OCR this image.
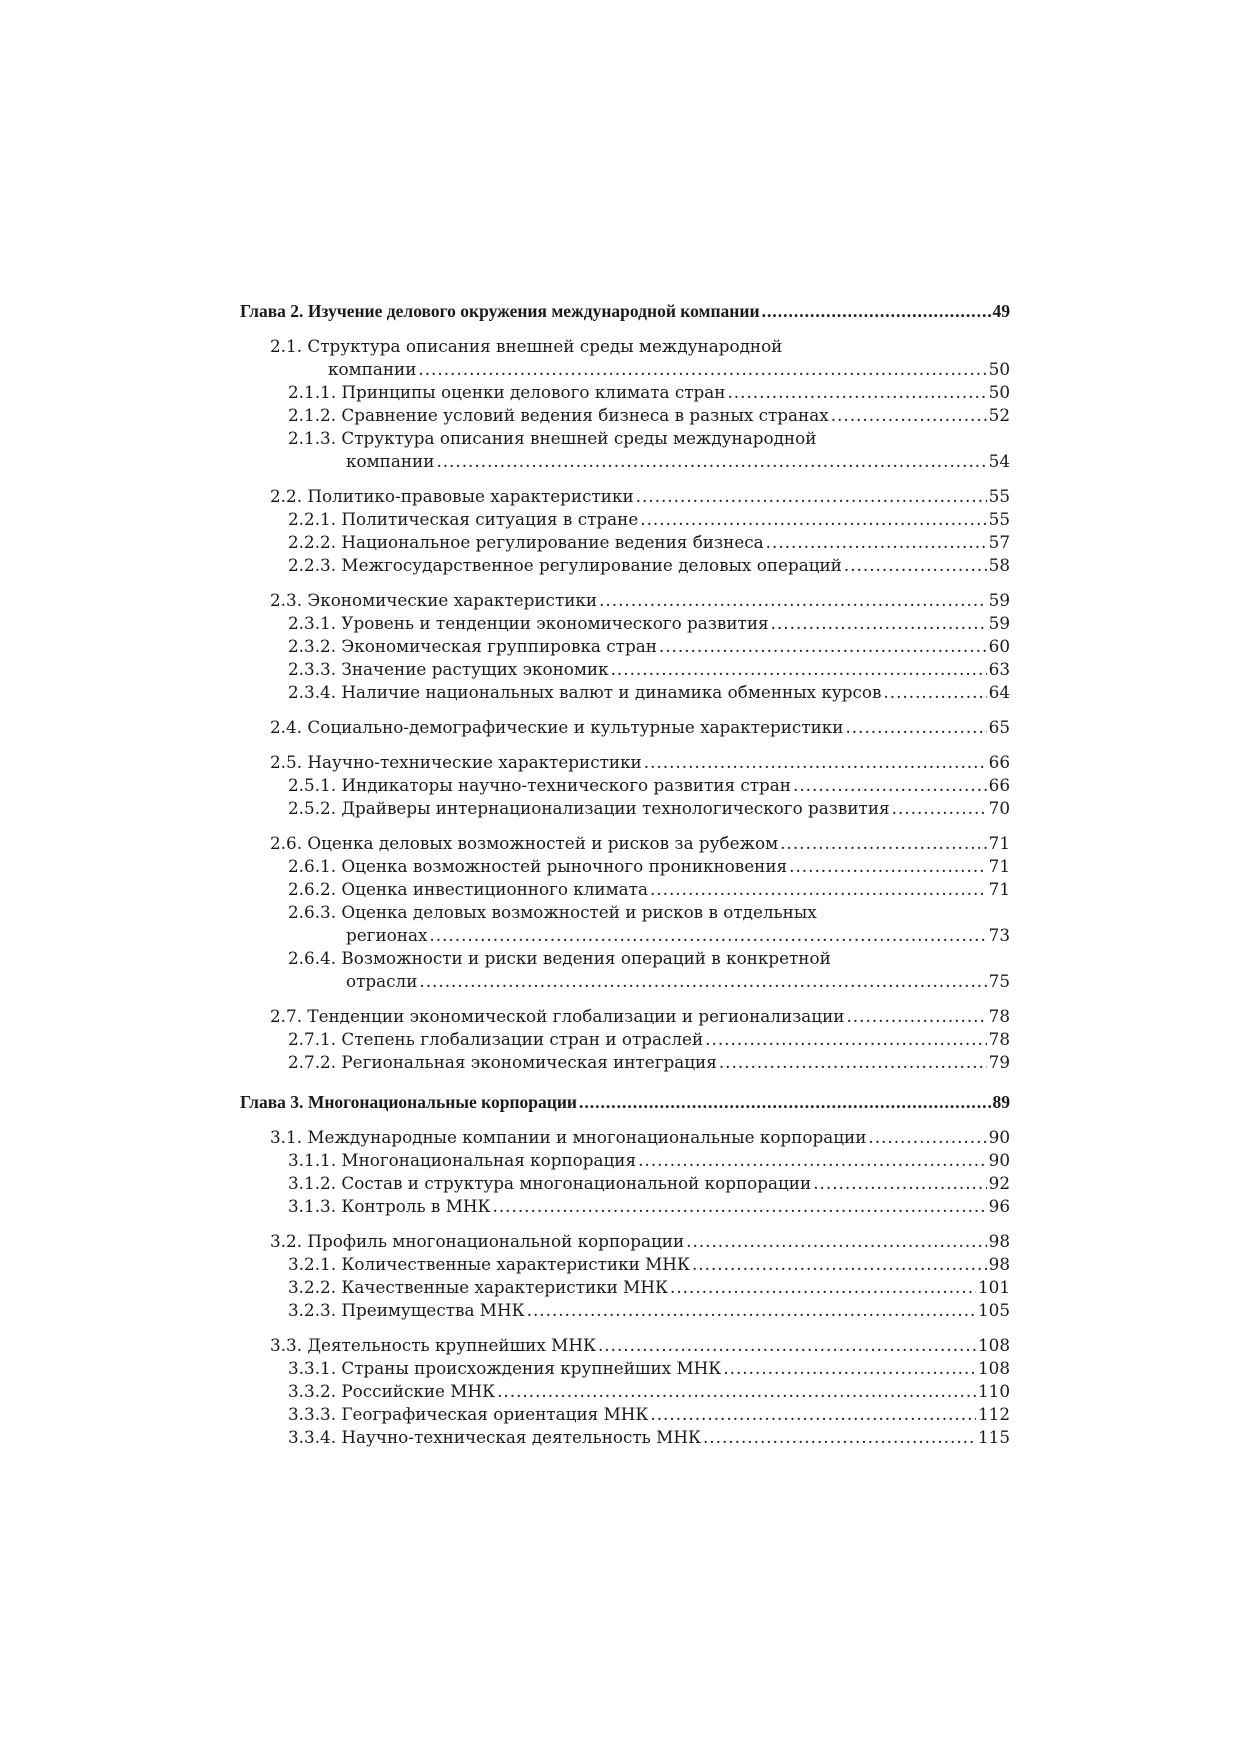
Глава 2. Изучение делового окружения международной компании .....	49
2.1. Структура описания внешней среды международной
компании .....	50
2.1.1. Принципы оценки делового климата стран .....	50
2.1.2. Сравнение условий ведения бизнеса в разных странах .....	52
2.1.3. Структура описания внешней среды международной
компании .....	54
2.2. Политико-правовые характеристики .....	55
2.2.1. Политическая ситуация в стране .....	55
2.2.2. Национальное регулирование ведения бизнеса .....	57
2.2.3. Межгосударственное регулирование деловых операций .....	58
2.3. Экономические характеристики .....	59
2.3.1. Уровень и тенденции экономического развития .....	59
2.3.2. Экономическая группировка стран .....	60
2.3.3. Значение растущих экономик .....	63
2.3.4. Наличие национальных валют и динамика обменных курсов .....	64
2.4. Социально-демографические и культурные характеристики .....	65
2.5. Научно-технические характеристики .....	66
2.5.1. Индикаторы научно-технического развития стран .....	66
2.5.2. Драйверы интернационализации технологического развития .....	70
2.6. Оценка деловых возможностей и рисков за рубежом .....	71
2.6.1. Оценка возможностей рыночного проникновения .....	71
2.6.2. Оценка инвестиционного климата .....	71
2.6.3. Оценка деловых возможностей и рисков в отдельных
регионах .....	73
2.6.4. Возможности и риски ведения операций в конкретной
отрасли .....	75
2.7. Тенденции экономической глобализации и регионализации .....	78
2.7.1. Степень глобализации стран и отраслей .....	78
2.7.2. Региональная экономическая интеграция .....	79
Глава 3. Многонациональные корпорации .....	89
3.1. Международные компании и многонациональные корпорации .....	90
3.1.1. Многонациональная корпорация .....	90
3.1.2. Состав и структура многонациональной корпорации .....	92
3.1.3. Контроль в МНК .....	96
3.2. Профиль многонациональной корпорации .....	98
3.2.1. Количественные характеристики МНК .....	98
3.2.2. Качественные характеристики МНК .....	101
3.2.3. Преимущества МНК .....	105
3.3. Деятельность крупнейших МНК .....	108
3.3.1. Страны происхождения крупнейших МНК .....	108
3.3.2. Российские МНК .....	110
3.3.3. Географическая ориентация МНК .....	112
3.3.4. Научно-техническая деятельность МНК .....	115
